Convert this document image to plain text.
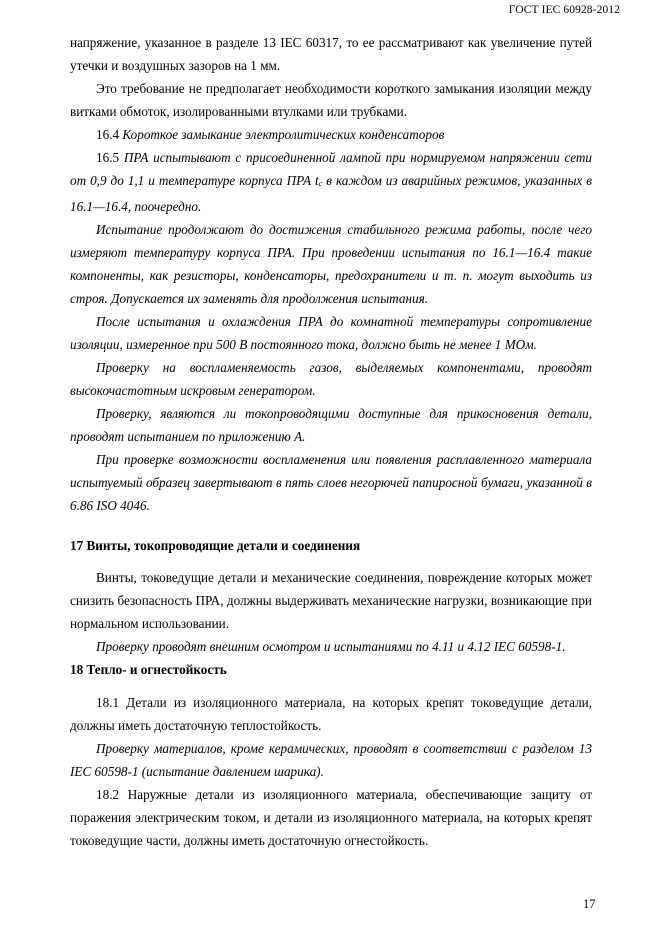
ГОСТ IEC 60928-2012

напряжение, указанное в разделе 13 IEC 60317, то ее рассматривают как увеличение путей утечки и воздушных зазоров на 1 мм.

Это требование не предполагает необходимости короткого замыкания изоляции между витками обмоток, изолированными втулками или трубками.

16.4 Короткое замыкание электролитических конденсаторов

16.5 ПРА испытывают с присоединенной лампой при нормируемом напряжении сети от 0,9 до 1,1 и температуре корпуса ПРА tc в каждом из аварийных режимов, указанных в 16.1—16.4, поочередно.

Испытание продолжают до достижения стабильного режима работы, после чего измеряют температуру корпуса ПРА. При проведении испытания по 16.1—16.4 такие компоненты, как резисторы, конденсаторы, предохранители и т. п. могут выходить из строя. Допускается их заменять для продолжения испытания.

После испытания и охлаждения ПРА до комнатной температуры сопротивление изоляции, измеренное при 500 В постоянного тока, должно быть не менее 1 МОм.

Проверку на воспламеняемость газов, выделяемых компонентами, проводят высокочастотным искровым генератором.

Проверку, являются ли токопроводящими доступные для прикосновения детали, проводят испытанием по приложению А.

При проверке возможности воспламенения или появления расплавленного материала испытуемый образец завертывают в пять слоев негорючей папиросной бумаги, указанной в 6.86 ISO 4046.

17 Винты, токопроводящие детали и соединения

Винты, токоведущие детали и механические соединения, повреждение которых может снизить безопасность ПРА, должны выдерживать механические нагрузки, возникающие при нормальном использовании.

Проверку проводят внешним осмотром и испытаниями по 4.11 и 4.12 IEC 60598-1.

18 Тепло- и огнестойкость

18.1 Детали из изоляционного материала, на которых крепят токоведущие детали, должны иметь достаточную теплостойкость.

Проверку материалов, кроме керамических, проводят в соответствии с разделом 13 IEC 60598-1 (испытание давлением шарика).

18.2 Наружные детали из изоляционного материала, обеспечивающие защиту от поражения электрическим током, и детали из изоляционного материала, на которых крепят токоведущие части, должны иметь достаточную огнестойкость.

17
